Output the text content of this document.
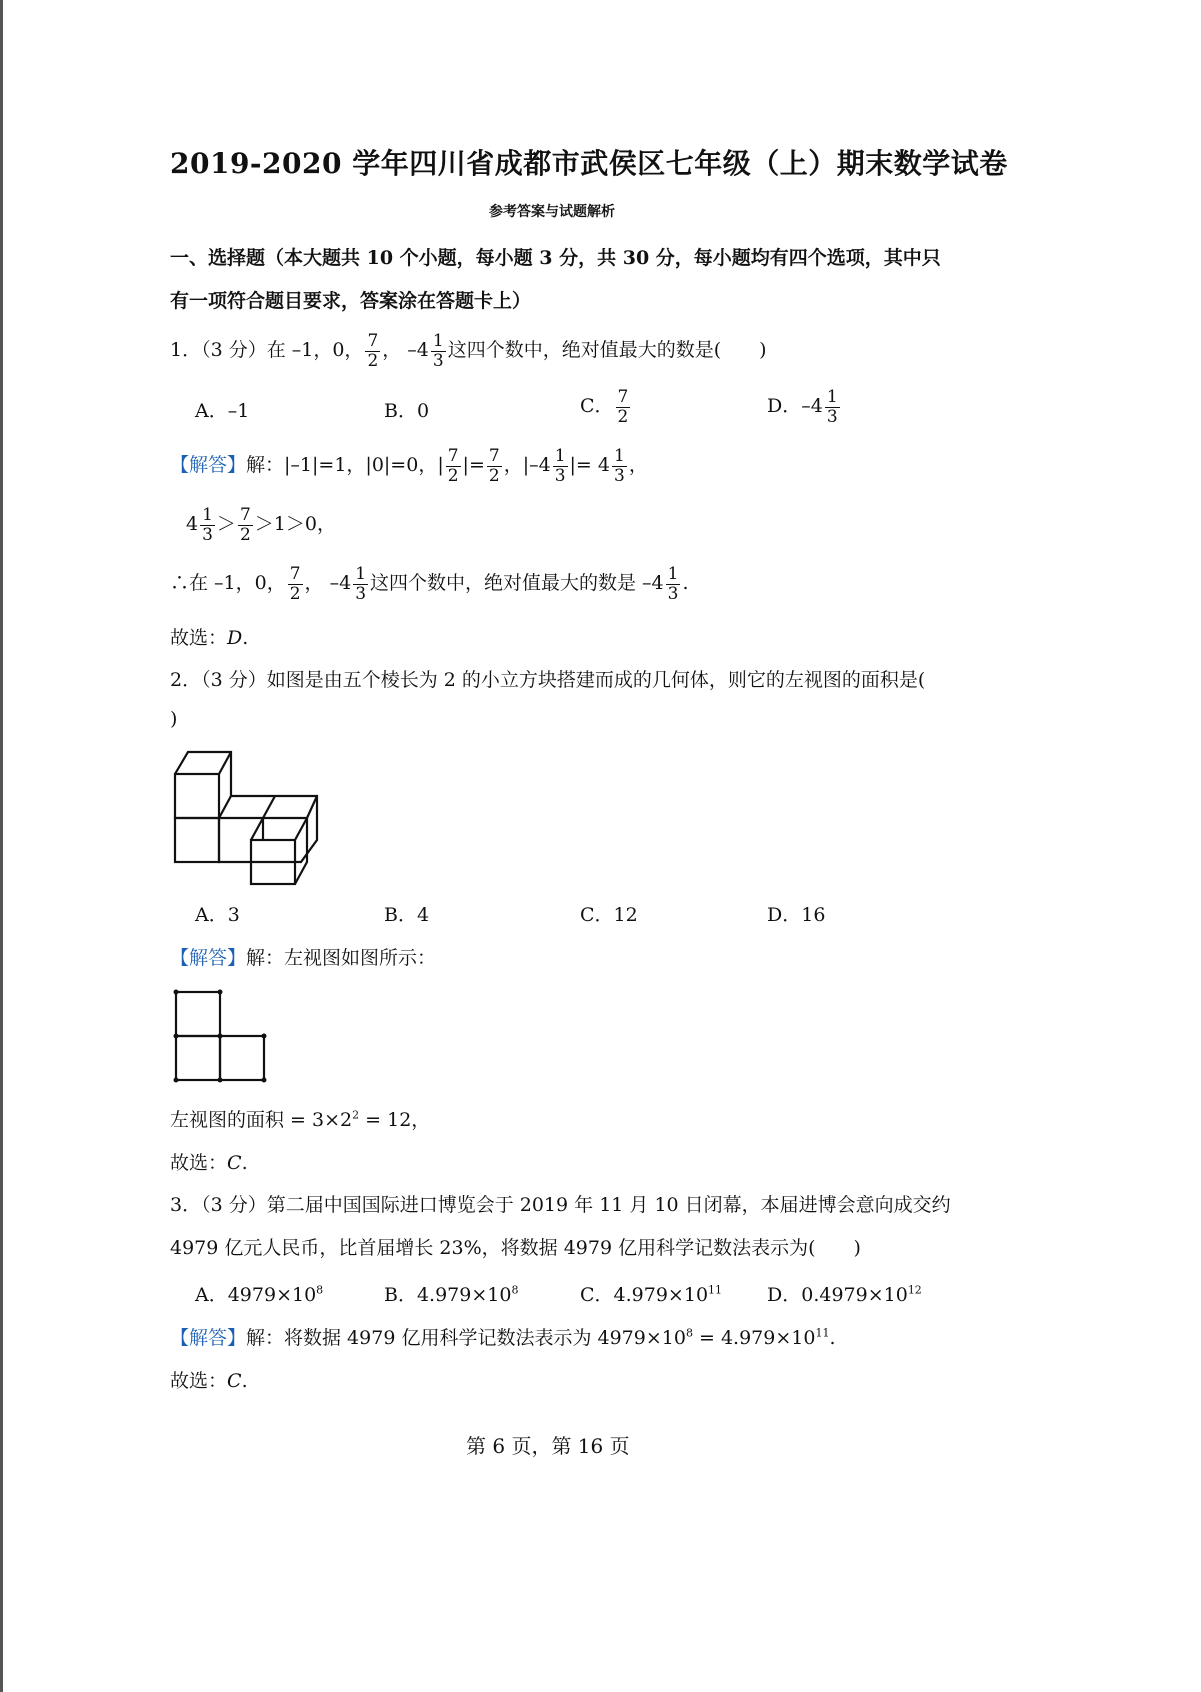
2019-2020 学年四川省成都市武侯区七年级（上）期末数学试卷
参考答案与试题解析
一、选择题（本大题共 10 个小题，每小题 3 分，共 30 分，每小题均有四个选项，其中只
有一项符合题目要求，答案涂在答题卡上）
1．（3 分）在 –1，0， $\frac{7}{2}$ ， $-4 \frac{1}{3}$ 这四个数中，绝对值最大的数是(　　)
A．–1	B．0	C． $\frac{7}{2}$	D．$-4 \frac{1}{3}$
【解答】解：|–1|=1，|0|=0，| $\frac{7}{2}$ |= $\frac{7}{2}$ ，$|-4 \frac{1}{3}$ |= $4 \frac{1}{3}$ ，
$4 \frac{1}{3} > \frac{7}{2} >1>0$，
∴在 –1，0， $\frac{7}{2}$ ， $-4 \frac{1}{3}$ 这四个数中，绝对值最大的数是 $-4 \frac{1}{3}$ .
故选：D.
2．（3 分）如图是由五个棱长为 2 的小立方块搭建而成的几何体，则它的左视图的面积是(
)
A．3	B．4	C．12	D．16
【解答】解：左视图如图所示：
左视图的面积 = $3\times 2^2 = 12$，
故选：C.
3．（3 分）第二届中国国际进口博览会于 2019 年 11 月 10 日闭幕，本届进博会意向成交约
4979 亿元人民币，比首届增长 23%，将数据 4979 亿用科学记数法表示为(　　)
A．$4979\times 10^8$	B．$4.979\times 10^8$	C．$4.979\times 10^{11}$ D．$0.4979\times 10^{12}$
【解答】解：将数据 4979 亿用科学记数法表示为 $4979\times 10^8 = 4.979\times 10^{11}$.
故选：C.
第 6 页，第 16 页
